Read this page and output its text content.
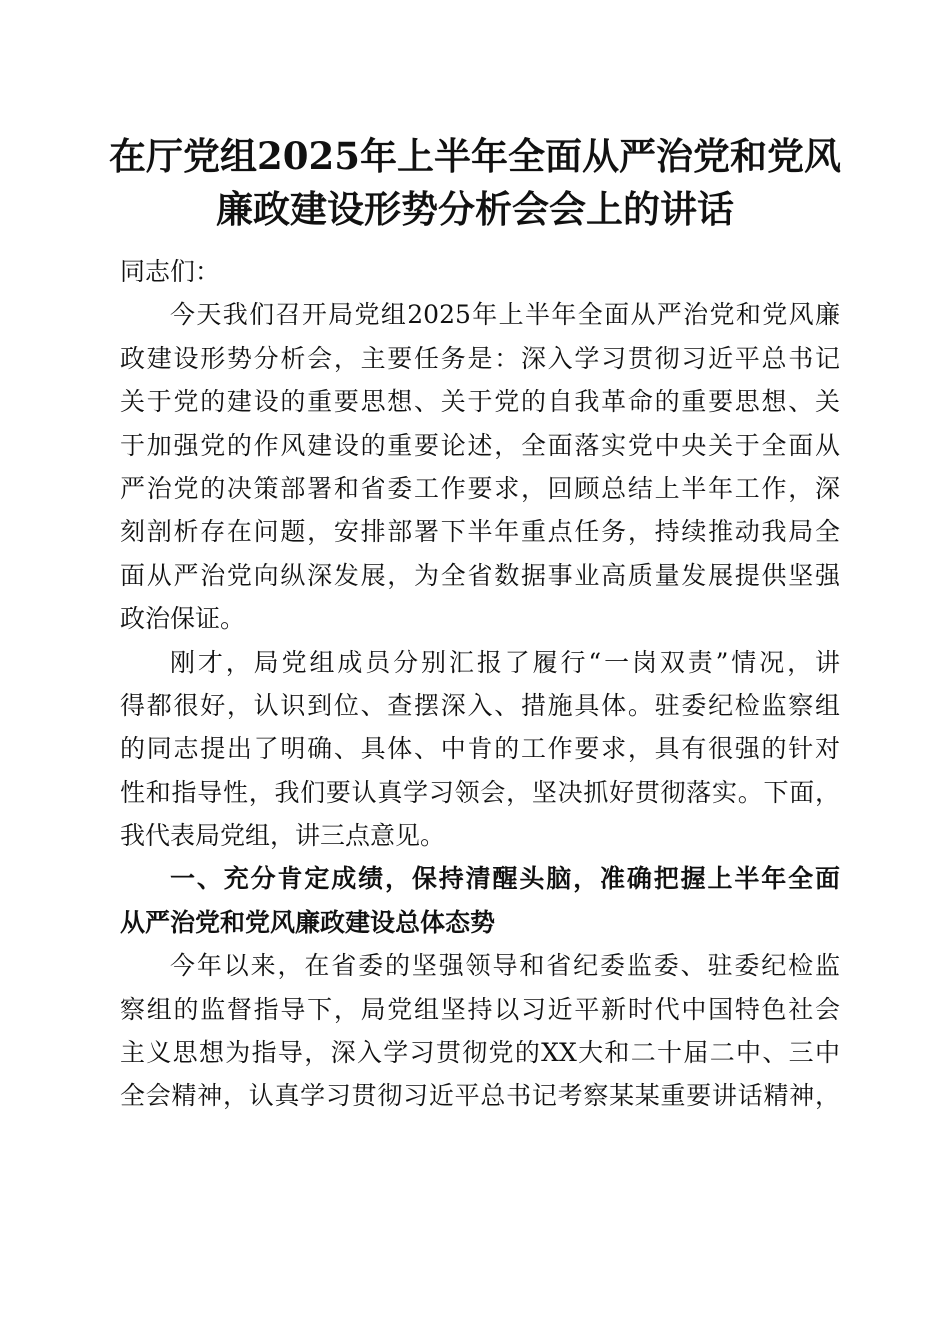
在厅党组2025年上半年全面从严治党和党风
廉政建设形势分析会会上的讲话
同志们：
今天我们召开局党组2025年上半年全面从严治党和党风廉
政建设形势分析会，主要任务是：深入学习贯彻习近平总书记
关于党的建设的重要思想、关于党的自我革命的重要思想、关
于加强党的作风建设的重要论述，全面落实党中央关于全面从
严治党的决策部署和省委工作要求，回顾总结上半年工作，深
刻剖析存在问题，安排部署下半年重点任务，持续推动我局全
面从严治党向纵深发展，为全省数据事业高质量发展提供坚强
政治保证。
刚才，局党组成员分别汇报了履行“一岗双责”情况，讲
得都很好，认识到位、查摆深入、措施具体。驻委纪检监察组
的同志提出了明确、具体、中肯的工作要求，具有很强的针对
性和指导性，我们要认真学习领会，坚决抓好贯彻落实。下面，
我代表局党组，讲三点意见。
一、充分肯定成绩，保持清醒头脑，准确把握上半年全面
从严治党和党风廉政建设总体态势
今年以来，在省委的坚强领导和省纪委监委、驻委纪检监
察组的监督指导下，局党组坚持以习近平新时代中国特色社会
主义思想为指导，深入学习贯彻党的XX大和二十届二中、三中
全会精神，认真学习贯彻习近平总书记考察某某重要讲话精神，
